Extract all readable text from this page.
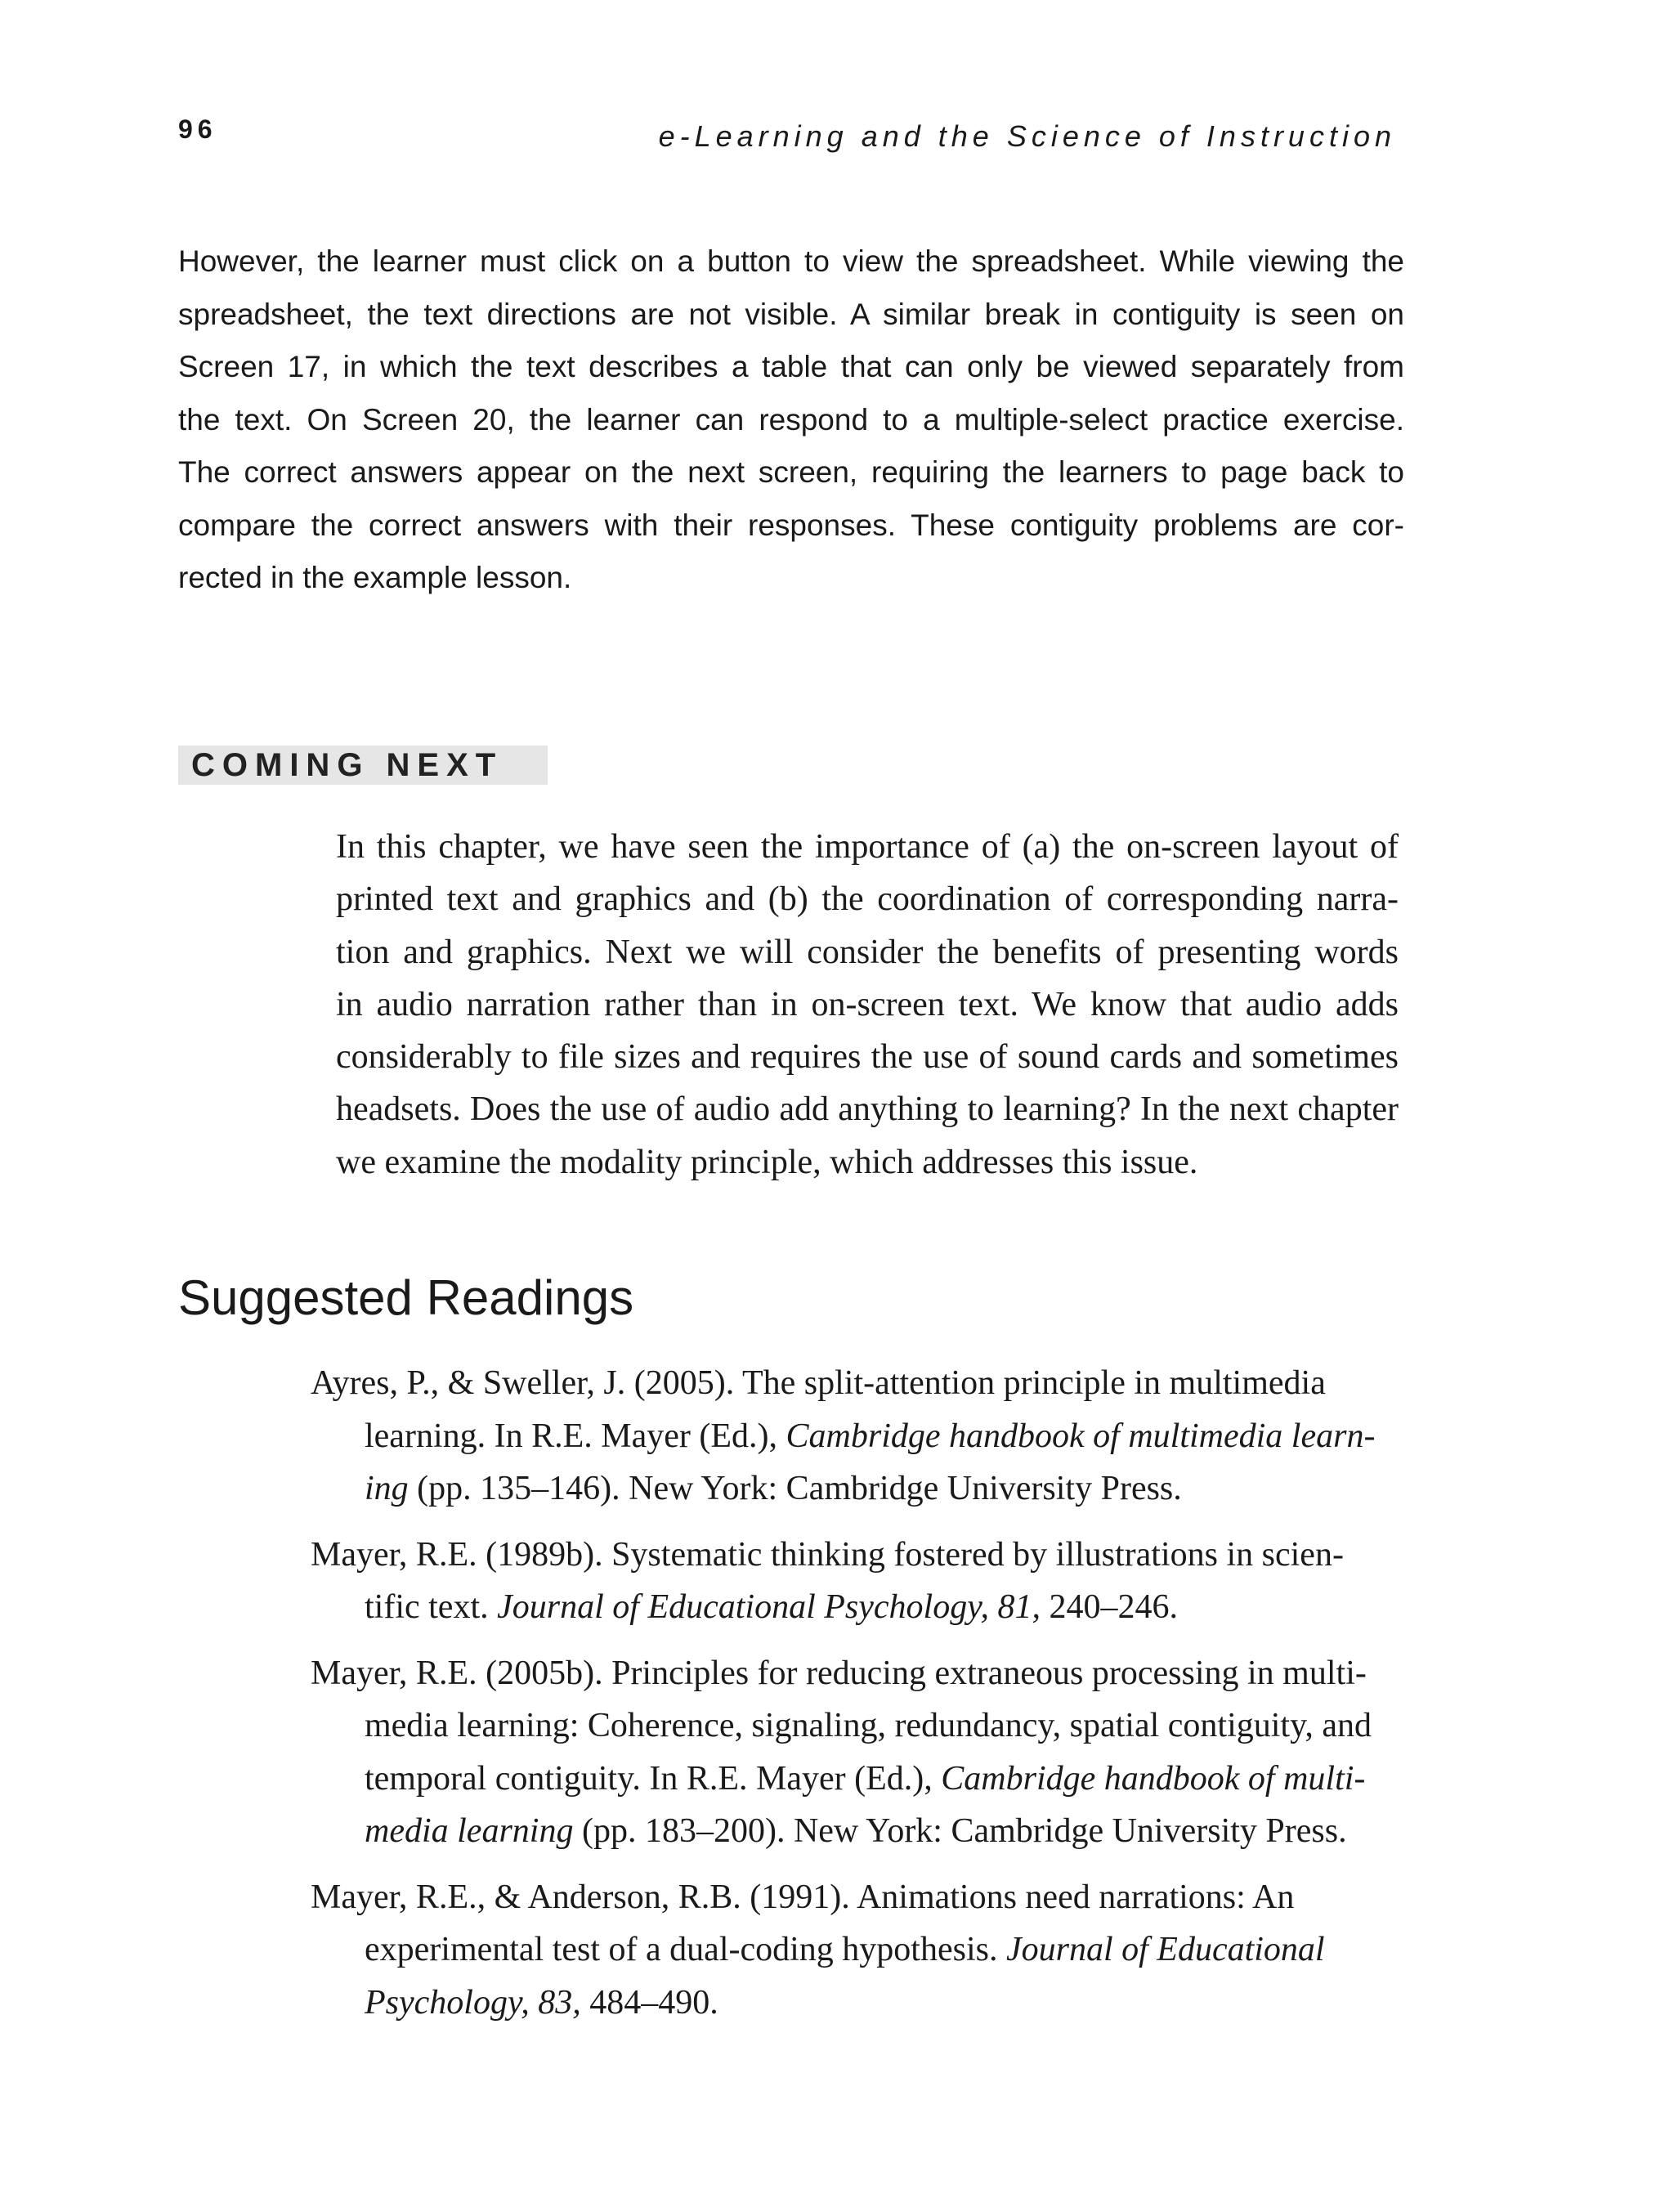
96	e-Learning and the Science of Instruction
However, the learner must click on a button to view the spreadsheet. While viewing the
spreadsheet, the text directions are not visible. A similar break in contiguity is seen on
Screen 17, in which the text describes a table that can only be viewed separately from
the text. On Screen 20, the learner can respond to a multiple-select practice exercise.
The correct answers appear on the next screen, requiring the learners to page back to
compare the correct answers with their responses. These contiguity problems are cor-
rected in the example lesson.
COMING NEXT
In this chapter, we have seen the importance of (a) the on-screen layout of
printed text and graphics and (b) the coordination of corresponding narra-
tion and graphics. Next we will consider the benefits of presenting words
in audio narration rather than in on-screen text. We know that audio adds
considerably to file sizes and requires the use of sound cards and sometimes
headsets. Does the use of audio add anything to learning? In the next chapter
we examine the modality principle, which addresses this issue.
Suggested Readings
Ayres, P., & Sweller, J. (2005). The split-attention principle in multimedia
learning. In R.E. Mayer (Ed.), Cambridge handbook of multimedia learn-
ing (pp. 135–146). New York: Cambridge University Press.
Mayer, R.E. (1989b). Systematic thinking fostered by illustrations in scien-
tific text. Journal of Educational Psychology, 81, 240–246.
Mayer, R.E. (2005b). Principles for reducing extraneous processing in multi-
media learning: Coherence, signaling, redundancy, spatial contiguity, and
temporal contiguity. In R.E. Mayer (Ed.), Cambridge handbook of multi-
media learning (pp. 183–200). New York: Cambridge University Press.
Mayer, R.E., & Anderson, R.B. (1991). Animations need narrations: An
experimental test of a dual-coding hypothesis. Journal of Educational
Psychology, 83, 484–490.
